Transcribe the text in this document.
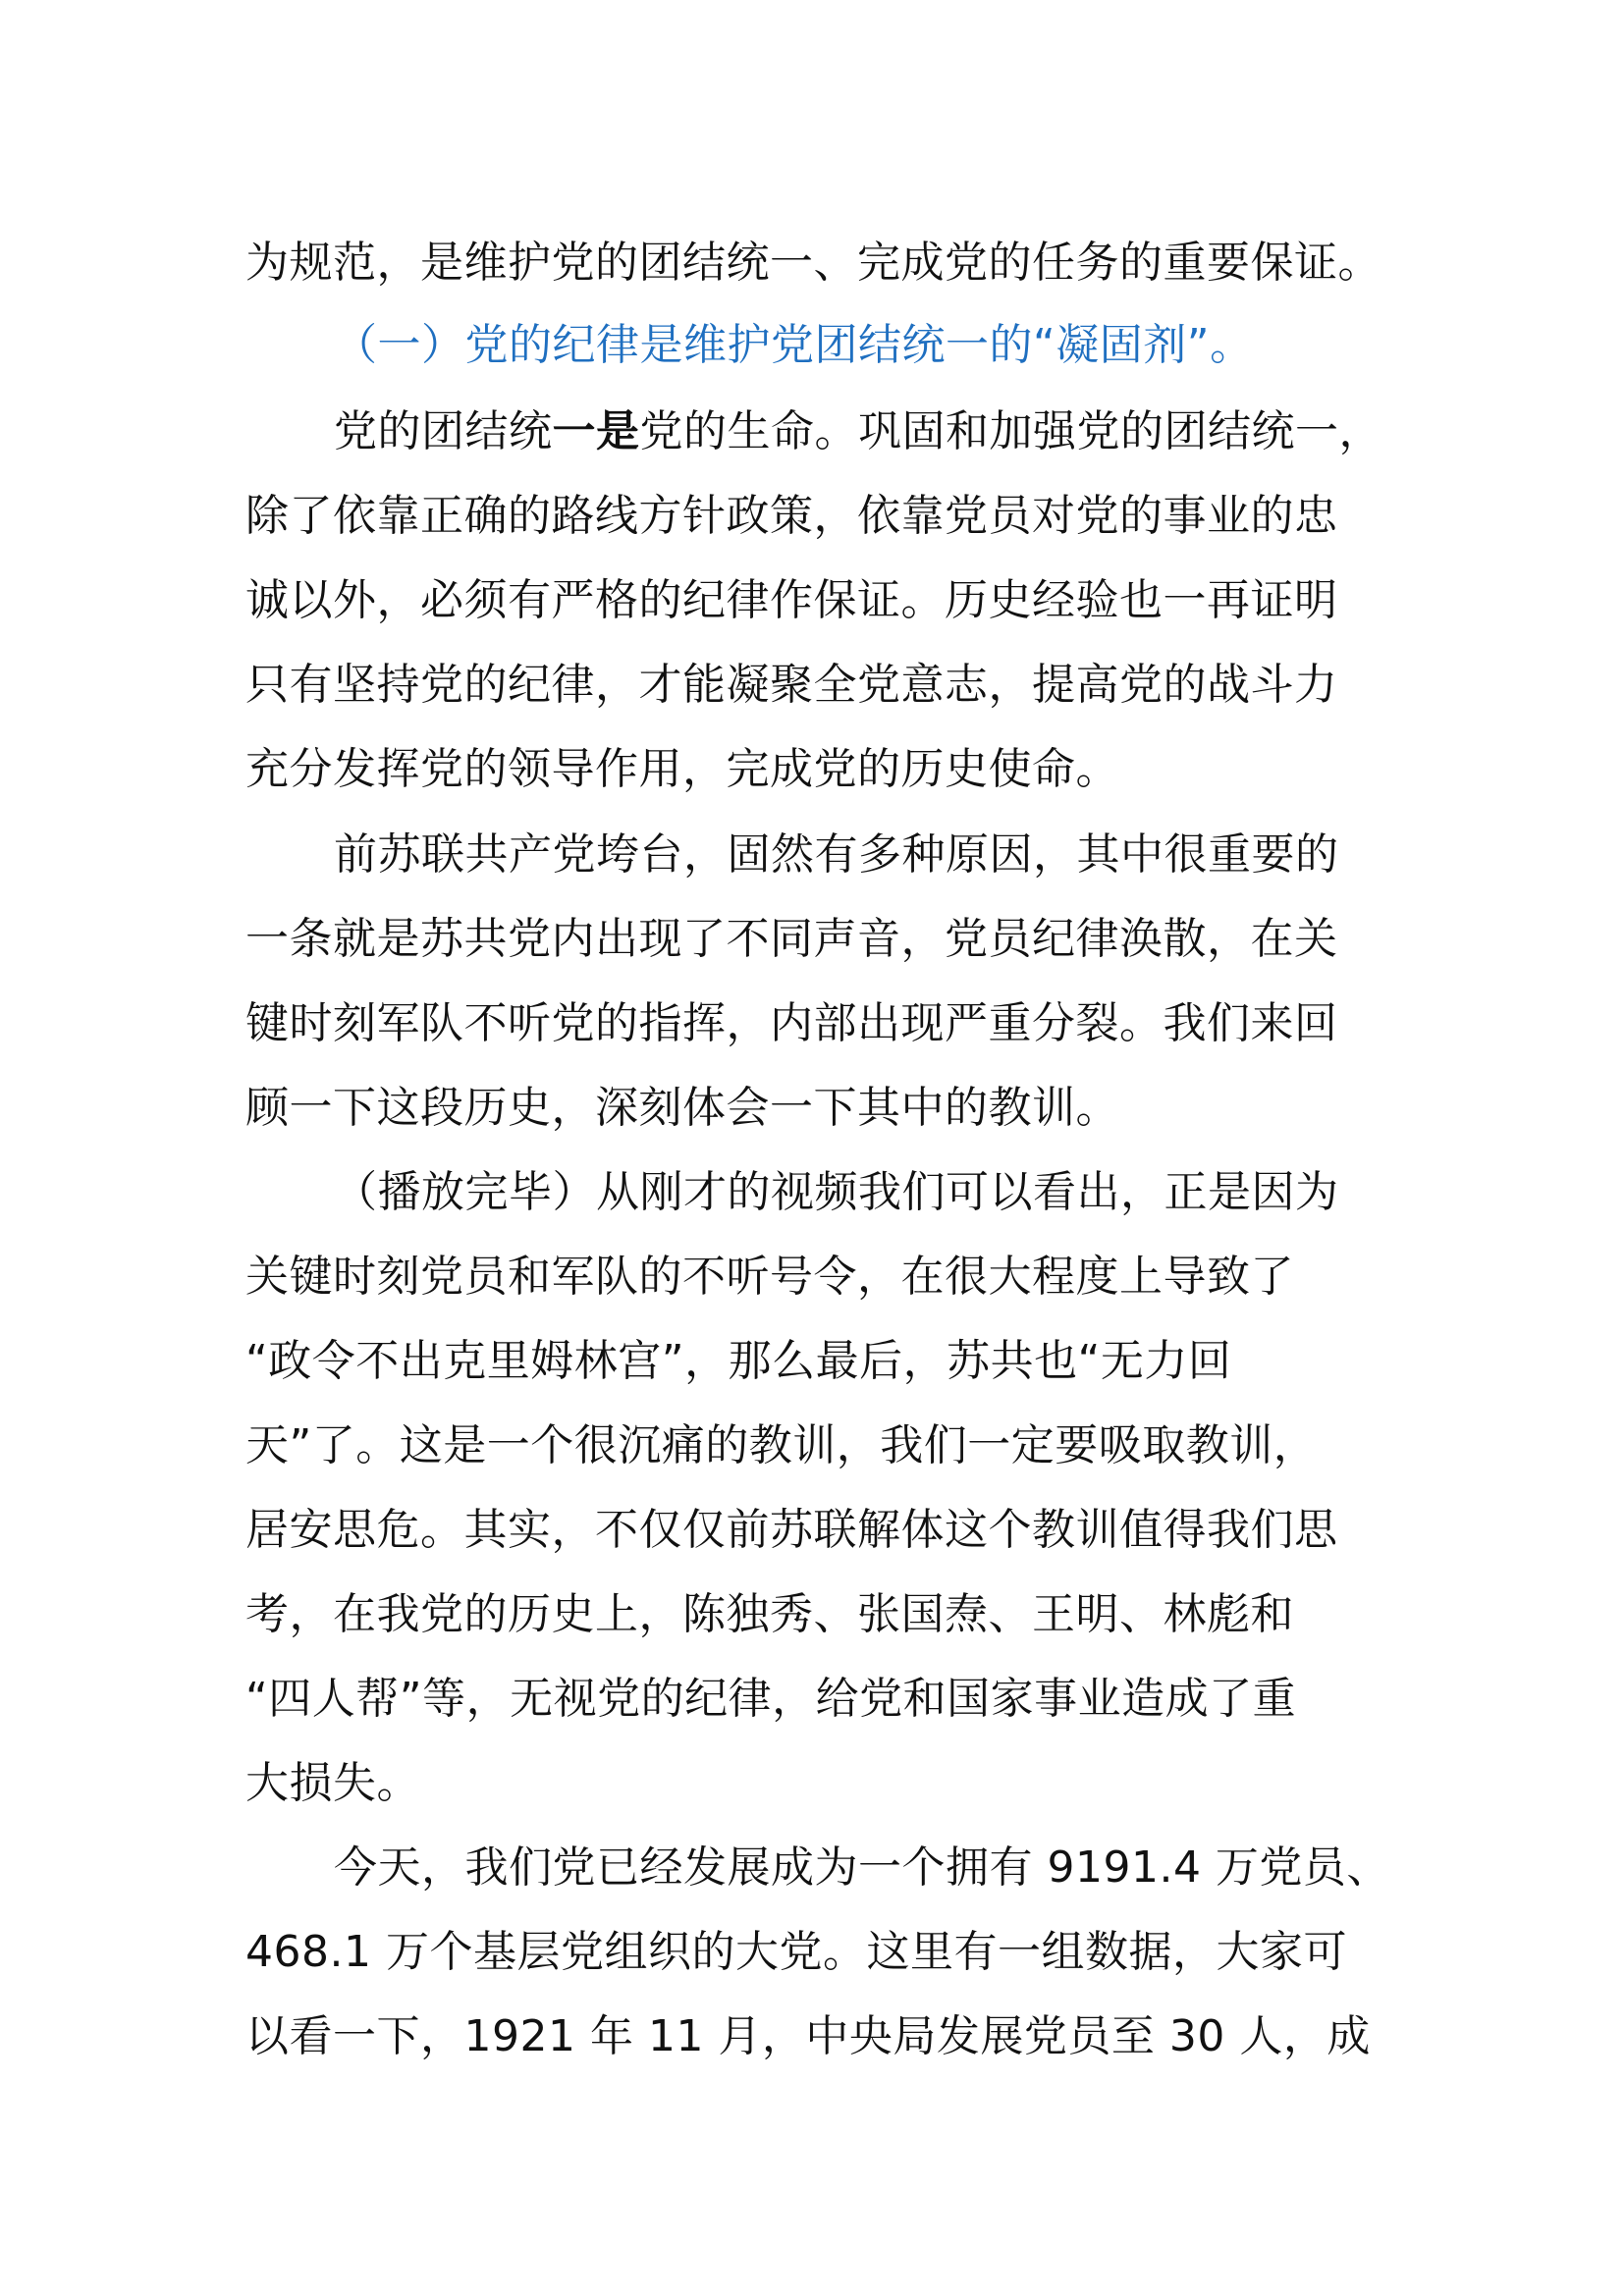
为规范，是维护党的团结统一、完成党的任务的重要保证。
（一）党的纪律是维护党团结统一的“凝固剂”。
党的团结统一是党的生命。巩固和加强党的团结统一，
除了依靠正确的路线方针政策，依靠党员对党的事业的忠
诚以外，必须有严格的纪律作保证。历史经验也一再证明
只有坚持党的纪律，才能凝聚全党意志，提高党的战斗力
充分发挥党的领导作用，完成党的历史使命。
前苏联共产党垮台，固然有多种原因，其中很重要的
一条就是苏共党内出现了不同声音，党员纪律涣散，在关
键时刻军队不听党的指挥，内部出现严重分裂。我们来回
顾一下这段历史，深刻体会一下其中的教训。
（播放完毕）从刚才的视频我们可以看出，正是因为
关键时刻党员和军队的不听号令，在很大程度上导致了
“政令不出克里姆林宫”，那么最后，苏共也“无力回
天”了。这是一个很沉痛的教训，我们一定要吸取教训，
居安思危。其实，不仅仅前苏联解体这个教训值得我们思
考，在我党的历史上，陈独秀、张国焘、王明、林彪和
“四人帮”等，无视党的纪律，给党和国家事业造成了重
大损失。
今天，我们党已经发展成为一个拥有 9191.4 万党员、
468.1 万个基层党组织的大党。这里有一组数据，大家可
以看一下，1921 年 11 月，中央局发展党员至 30 人，成
